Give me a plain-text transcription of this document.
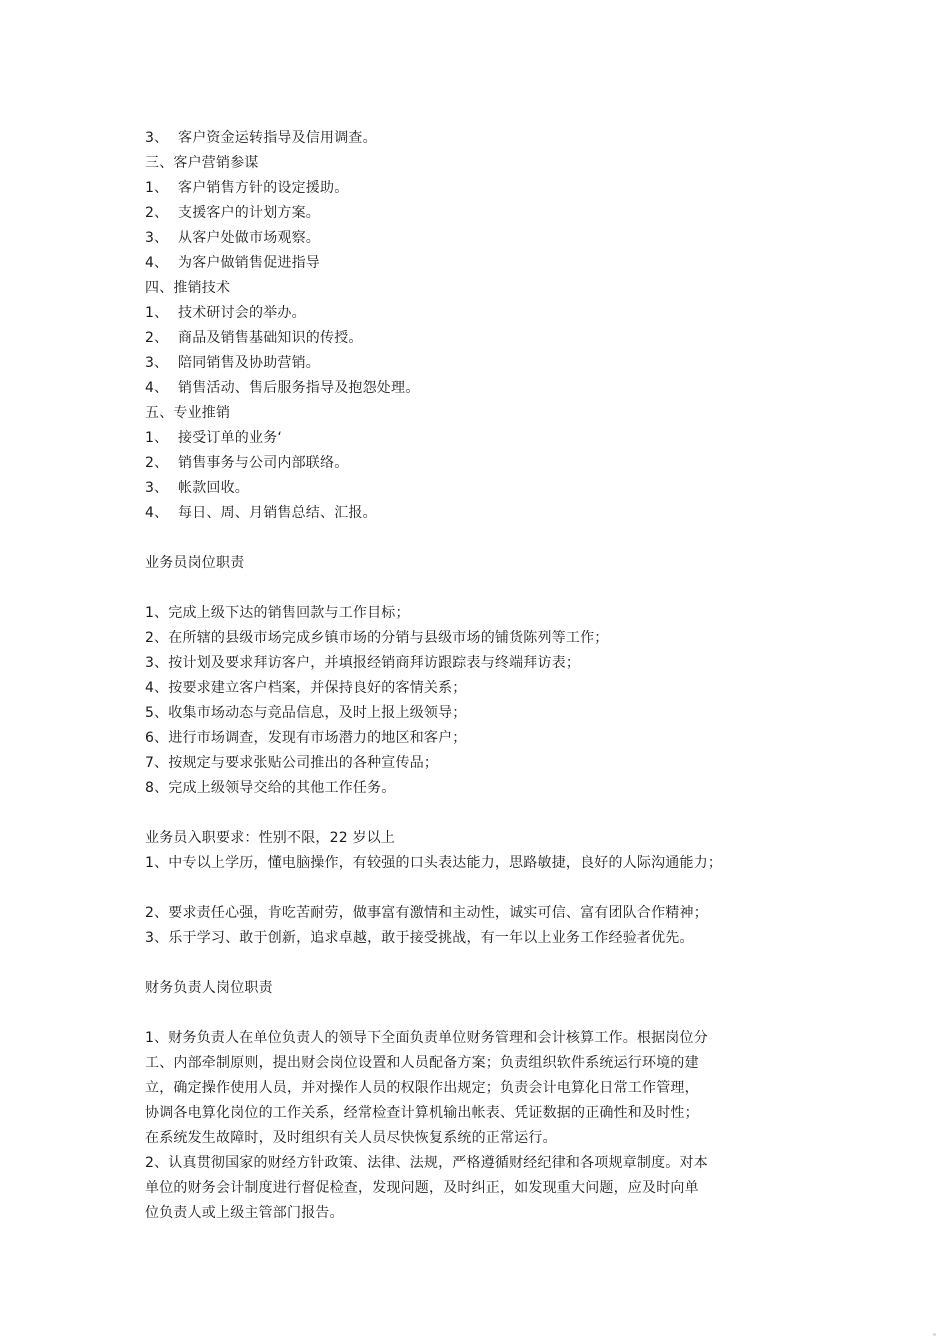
3、 客户资金运转指导及信用调查。
三、客户营销参谋
1、 客户销售方针的设定援助。
2、 支援客户的计划方案。
3、 从客户处做市场观察。
4、 为客户做销售促进指导
四、推销技术
1、 技术研讨会的举办。
2、 商品及销售基础知识的传授。
3、 陪同销售及协助营销。
4、 销售活动、售后服务指导及抱怨处理。
五、专业推销
1、 接受订单的业务‘
2、 销售事务与公司内部联络。
3、 帐款回收。
4、 每日、周、月销售总结、汇报。
业务员岗位职责
1、完成上级下达的销售回款与工作目标；
2、在所辖的县级市场完成乡镇市场的分销与县级市场的铺货陈列等工作；
3、按计划及要求拜访客户，并填报经销商拜访跟踪表与终端拜访表；
4、按要求建立客户档案，并保持良好的客情关系；
5、收集市场动态与竞品信息，及时上报上级领导；
6、进行市场调查，发现有市场潜力的地区和客户；
7、按规定与要求张贴公司推出的各种宣传品；
8、完成上级领导交给的其他工作任务。
业务员入职要求：性别不限，22 岁以上
1、中专以上学历，懂电脑操作，有较强的口头表达能力，思路敏捷，良好的人际沟通能力；
2、要求责任心强，肯吃苦耐劳，做事富有激情和主动性，诚实可信、富有团队合作精神；
3、乐于学习、敢于创新，追求卓越，敢于接受挑战，有一年以上业务工作经验者优先。
财务负责人岗位职责
1、财务负责人在单位负责人的领导下全面负责单位财务管理和会计核算工作。根据岗位分
工、内部牵制原则，提出财会岗位设置和人员配备方案；负责组织软件系统运行环境的建
立，确定操作使用人员，并对操作人员的权限作出规定；负责会计电算化日常工作管理，
协调各电算化岗位的工作关系，经常检查计算机输出帐表、凭证数据的正确性和及时性；
在系统发生故障时，及时组织有关人员尽快恢复系统的正常运行。
2、认真贯彻国家的财经方针政策、法律、法规，严格遵循财经纪律和各项规章制度。对本
单位的财务会计制度进行督促检查，发现问题，及时纠正，如发现重大问题，应及时向单
位负责人或上级主管部门报告。
